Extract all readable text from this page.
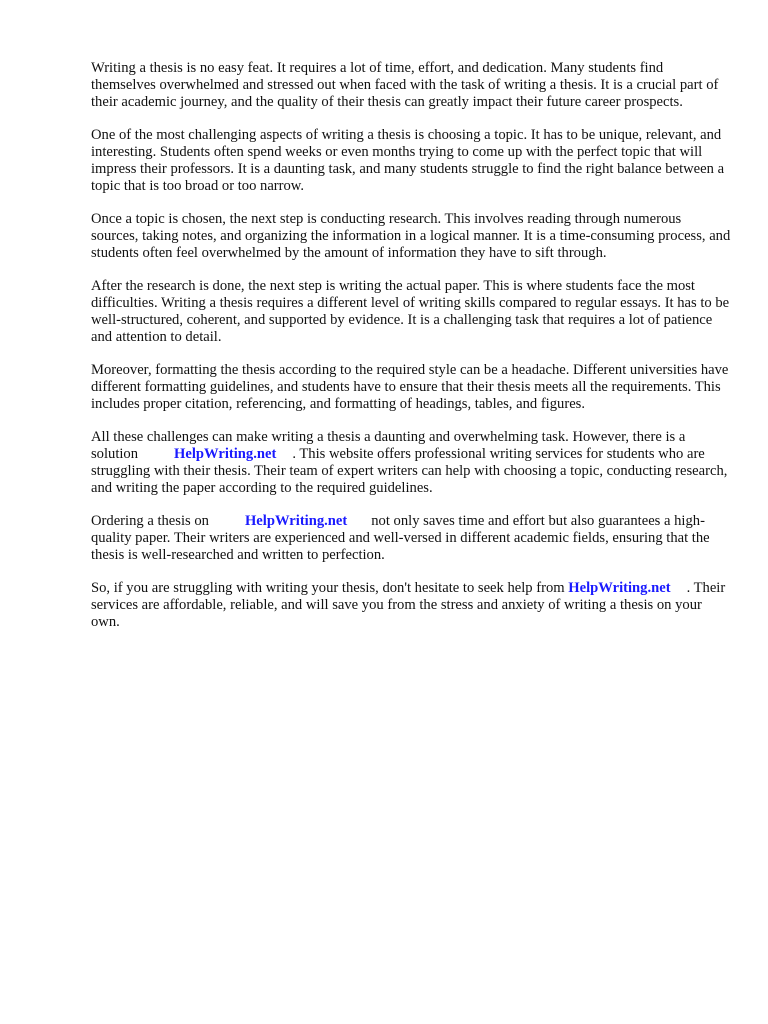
Writing a thesis is no easy feat. It requires a lot of time, effort, and dedication. Many students find themselves overwhelmed and stressed out when faced with the task of writing a thesis. It is a crucial part of their academic journey, and the quality of their thesis can greatly impact their future career prospects.

One of the most challenging aspects of writing a thesis is choosing a topic. It has to be unique, relevant, and interesting. Students often spend weeks or even months trying to come up with the perfect topic that will impress their professors. It is a daunting task, and many students struggle to find the right balance between a topic that is too broad or too narrow.

Once a topic is chosen, the next step is conducting research. This involves reading through numerous sources, taking notes, and organizing the information in a logical manner. It is a time-consuming process, and students often feel overwhelmed by the amount of information they have to sift through.

After the research is done, the next step is writing the actual paper. This is where students face the most difficulties. Writing a thesis requires a different level of writing skills compared to regular essays. It has to be well-structured, coherent, and supported by evidence. It is a challenging task that requires a lot of patience and attention to detail.

Moreover, formatting the thesis according to the required style can be a headache. Different universities have different formatting guidelines, and students have to ensure that their thesis meets all the requirements. This includes proper citation, referencing, and formatting of headings, tables, and figures.

All these challenges can make writing a thesis a daunting and overwhelming task. However, there is a solution HelpWriting.net . This website offers professional writing services for students who are struggling with their thesis. Their team of expert writers can help with choosing a topic, conducting research, and writing the paper according to the required guidelines.

Ordering a thesis on HelpWriting.net not only saves time and effort but also guarantees a high-quality paper. Their writers are experienced and well-versed in different academic fields, ensuring that the thesis is well-researched and written to perfection.

So, if you are struggling with writing your thesis, don't hesitate to seek help from HelpWriting.net . Their services are affordable, reliable, and will save you from the stress and anxiety of writing a thesis on your own.
